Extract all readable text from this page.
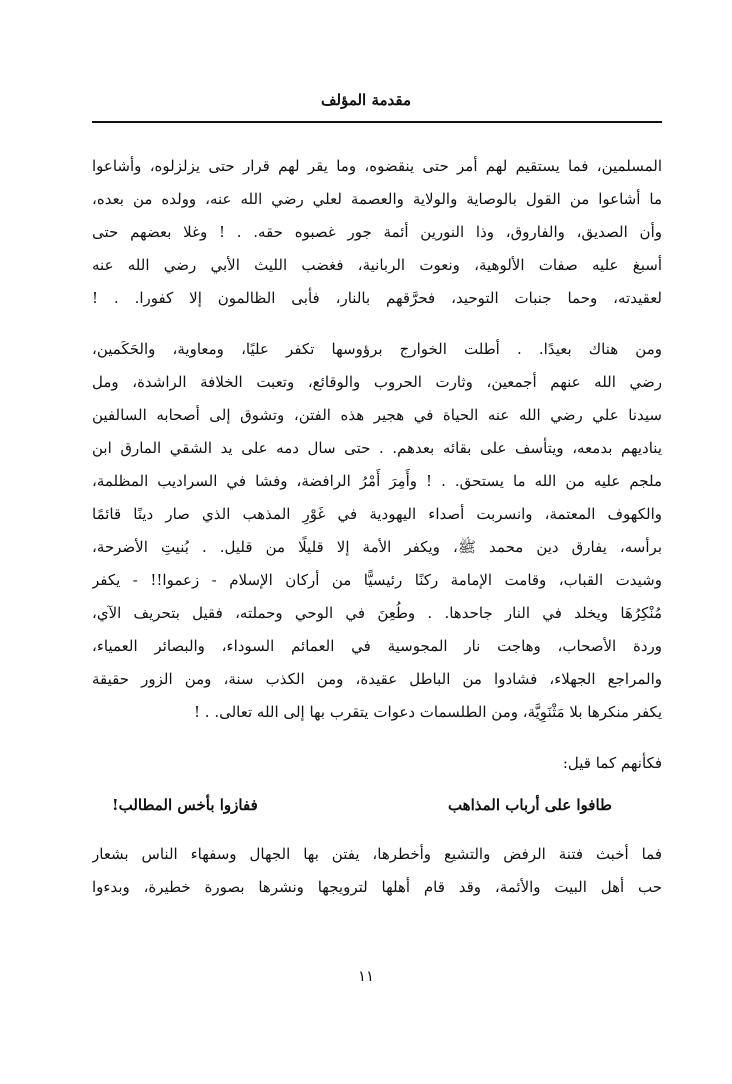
مقدمة المؤلف

المسلمين، فما يستقيم لهم أمر حتى ينقضوه، وما يقر لهم قرار حتى يزلزلوه، وأشاعوا
ما أشاعوا من القول بالوصاية والولاية والعصمة لعلي رضي الله عنه، وولده من بعده،
وأن الصديق، والفاروق، وذا النورين أئمة جور غصبوه حقه. . ! وغلا بعضهم حتى
أسبغ عليه صفات الألوهية، ونعوت الربانية، فغضب الليث الأبي رضي الله عنه
لعقيدته، وحما جنبات التوحيد، فحرَّقهم بالنار، فأبى الظالمون إلا كفورا. . !

ومن هناك بعيدًا. . أطلت الخوارج برؤوسها تكفر عليًا، ومعاوية، والحَكَمين،
رضي الله عنهم أجمعين، وثارت الحروب والوقائع، وتعبت الخلافة الراشدة، ومل
سيدنا علي رضي الله عنه الحياة في هجير هذه الفتن، وتشوق إلى أصحابه السالفين
يناديهم بدمعه، ويتأسف على بقائه بعدهم. . حتى سال دمه على يد الشقي المارق ابن
ملجم عليه من الله ما يستحق. . ! وأَمِرَ أَمْرُ الرافضة، وفشا في السراديب المظلمة،
والكهوف المعتمة، وانسربت أصداء اليهودية في غَوْرِ المذهب الذي صار دينًا قائمًا
برأسه، يفارق دين محمد ﷺ، ويكفر الأمة إلا قليلًا من قليل. . بُنيتِ الأضرحة،
وشيدت القباب، وقامت الإمامة ركنًا رئيسيًّا من أركان الإسلام - زعموا!! - يكفر
مُنْكِرُهَا ويخلد في النار جاحدها. . وطُعِنَ في الوحي وحملته، فقيل بتحريف الآي،
وردة الأصحاب، وهاجت نار المجوسية في العمائم السوداء، والبصائر العمياء،
والمراجع الجهلاء، فشادوا من الباطل عقيدة، ومن الكذب سنة، ومن الزور حقيقة
يكفر منكرها بلا مَثْنَوِيَّة، ومن الطلسمات دعوات يتقرب بها إلى الله تعالى. . !

فكأنهم كما قيل:

طافوا على أرباب المذاهب
ففازوا بأخس المطالب!

فما أخبث فتنة الرفض والتشيع وأخطرها، يفتن بها الجهال وسفهاء الناس بشعار
حب أهل البيت والأئمة، وقد قام أهلها لترويجها ونشرها بصورة خطيرة، وبدءوا

١١
